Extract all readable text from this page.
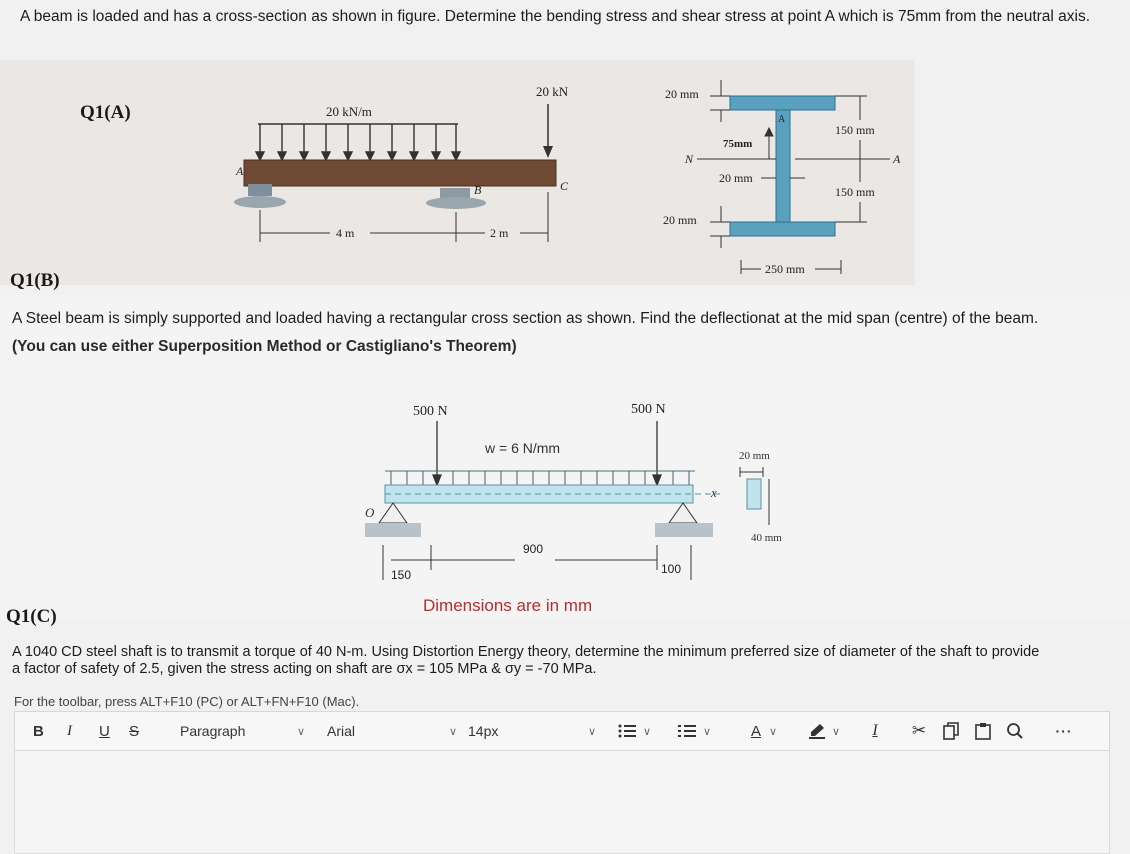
A beam is loaded and has a cross-section as shown in figure. Determine the bending stress and shear stress at point A which is 75mm from the neutral axis.
Q1(A)	20 kN/m
20 kN
A
B	C
4 m	2 m
20 mm
75mm
N
20 mm
20 mm
150 mm
150 mm
250 mm
A
A
Q1(B)
A Steel beam is simply supported and loaded having a rectangular cross section as shown. Find the deflectionat at the mid span (centre) of the beam.
(You can use either Superposition Method or Castigliano's Theorem)
500 N	500 N
w = 6 N/mm
x
O
900
150	100
20 mm
40 mm
Dimensions are in mm
Q1(C)
A 1040 CD steel shaft is to transmit a torque of 40 N-m. Using Distortion Energy theory, determine the minimum preferred size of diameter of the shaft to provide
a factor of safety of 2.5, given the stress acting on shaft are σx = 105 MPa & σy = -70 MPa.
For the toolbar, press ALT+F10 (PC) or ALT+FN+F10 (Mac).
B I U S	Paragraph	∨ Arial	∨ 14px	∨	∨	∨	A ∨	∨ I ✂	···
